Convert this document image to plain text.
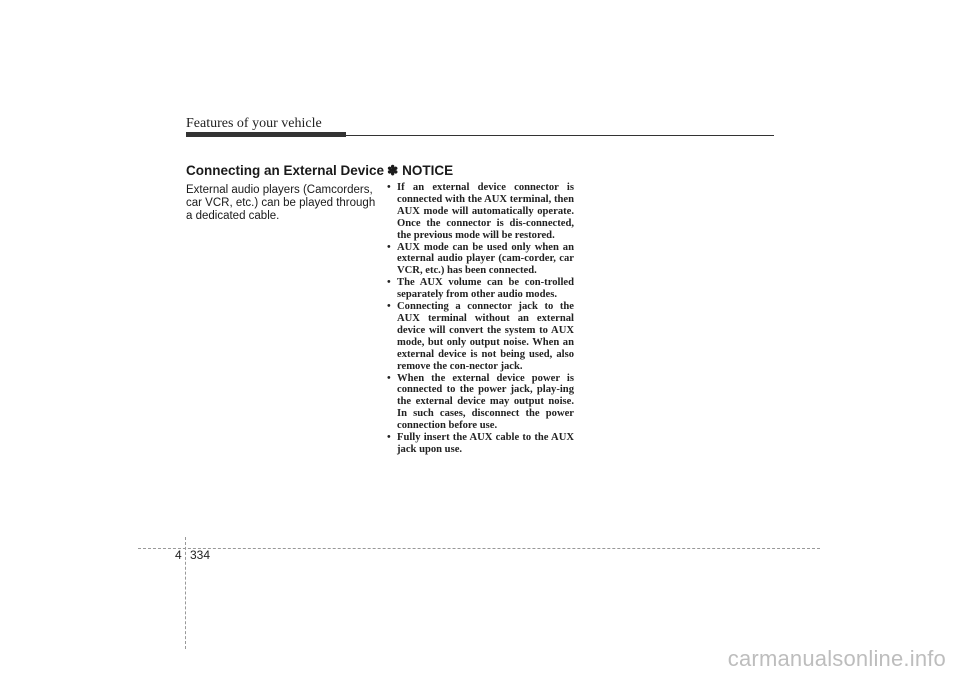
Features of your vehicle
Connecting an External Device

External audio players (Camcorders, car VCR, etc.) can be played through a dedicated cable.

✽ NOTICE
• If an external device connector is connected with the AUX terminal, then AUX mode will automatically operate. Once the connector is dis-connected, the previous mode will be restored.
• AUX mode can be used only when an external audio player (cam-corder, car VCR, etc.) has been connected.
• The AUX volume can be con-trolled separately from other audio modes.
• Connecting a connector jack to the AUX terminal without an external device will convert the system to AUX mode, but only output noise. When an external device is not being used, also remove the con-nector jack.
• When the external device power is connected to the power jack, play-ing the external device may output noise. In such cases, disconnect the power connection before use.
• Fully insert the AUX cable to the AUX jack upon use.
4 334
carmanualsonline.info
